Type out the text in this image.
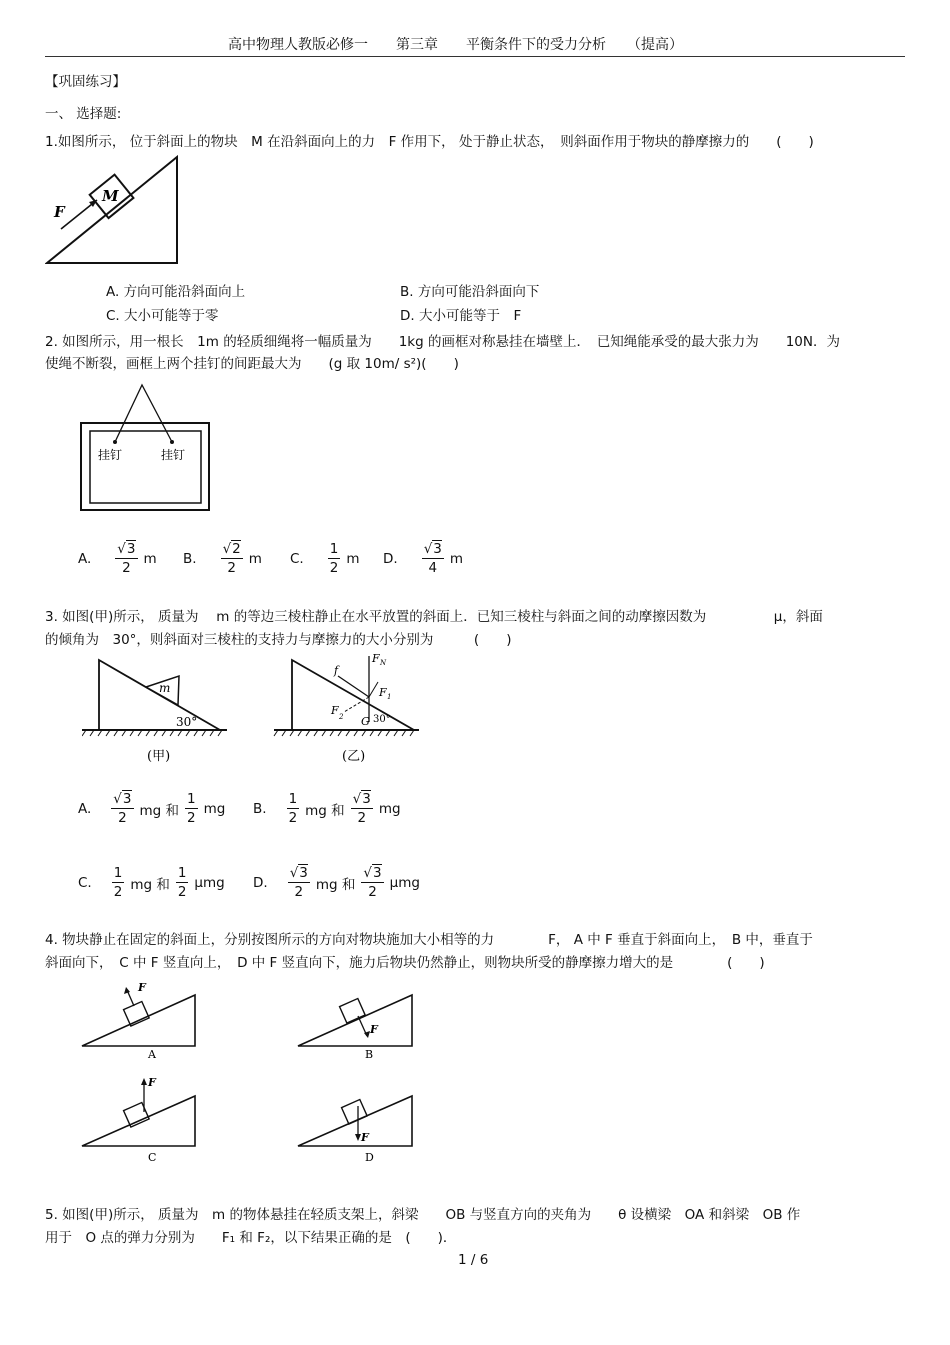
高中物理人教版必修一　　第三章　　平衡条件下的受力分析　　（提高）
【巩固练习】
一、 选择题:
1.如图所示， 位于斜面上的物块　M 在沿斜面向上的力　F 作用下， 处于静止状态，　则斜面作用于物块的静摩擦力的　　(　　)
M
F
A. 方向可能沿斜面向上	B. 方向可能沿斜面向下
C. 大小可能等于零	D. 大小可能等于　F
2. 如图所示，用一根长　1m 的轻质细绳将一幅质量为　　1kg 的画框对称悬挂在墙壁上．　已知绳能承受的最大张力为　　10N．为
使绳不断裂，画框上两个挂钉的间距最大为　　(g 取 10m/ s²)(　　)
挂钉	挂钉
A. $\frac{√3}{2}$ m B. $\frac{√2}{2}$ m C. $\frac{1}{2}$ m D. $\frac{√3}{4}$ m
3. 如图(甲)所示， 质量为　 m 的等边三棱柱静止在水平放置的斜面上．已知三棱柱与斜面之间的动摩擦因数为　　　　　μ，斜面
的倾角为　30°，则斜面对三棱柱的支持力与摩擦力的大小分别为　　　(　　)
m
30°
(甲)
f
F N
F 1
F 2 G 30°
(乙)
A. $\frac{√3}{2}$ mg 和 $\frac{1}{2}$ mg B. $\frac{1}{2}$ mg 和 $\frac{√3}{2}$ mg
C. $\frac{1}{2}$ mg 和 $\frac{1}{2}$ μmg D. $\frac{√3}{2}$ mg 和 $\frac{√3}{2}$ μmg
4. 物块静止在固定的斜面上，分别按图所示的方向对物块施加大小相等的力　　　　F， A 中 F 垂直于斜面向上，　B 中，垂直于
斜面向下，　C 中 F 竖直向上，　D 中 F 竖直向下，施力后物块仍然静止，则物块所受的静摩擦力增大的是　　　　(　　)
F
A
F
B
F
C
F
D
5. 如图(甲)所示， 质量为　m 的物体悬挂在轻质支架上，斜梁　　OB 与竖直方向的夹角为　　θ 设横梁　OA 和斜梁　OB 作
用于　O 点的弹力分别为　　F₁ 和 F₂，以下结果正确的是　(　　)．
1 / 6
